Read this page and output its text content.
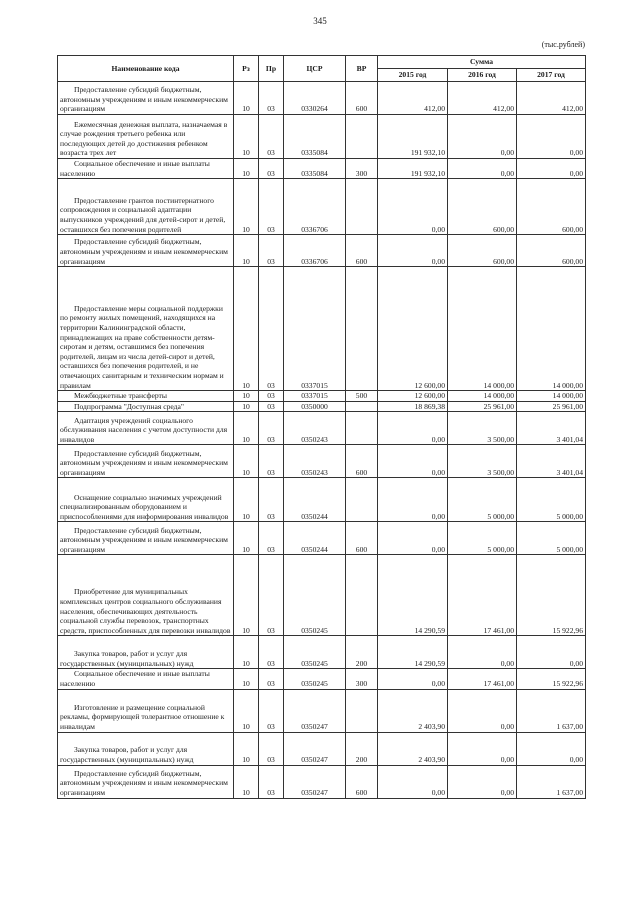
345
(тыс.рублей)
Наименование кода	Рз	Пр	ЦСР	ВР	Сумма		
					2015 год	2016 год	2017 год
Предоставление субсидий бюджетным, автономным учреждениям и иным некоммерческим организациям	10	03	0330264	600	412,00	412,00	412,00
Ежемесячная денежная выплата, назначаемая в случае рождения третьего ребенка или последующих детей до достижения ребенком возраста трех лет	10	03	0335084		191 932,10	0,00	0,00
Социальное обеспечение и иные выплаты населению	10	03	0335084	300	191 932,10	0,00	0,00
Предоставление грантов постинтернатного сопровождения и социальной адаптации выпускников учреждений для детей-сирот и детей, оставшихся без попечения родителей	10	03	0336706		0,00	600,00	600,00
Предоставление субсидий бюджетным, автономным учреждениям и иным некоммерческим организациям	10	03	0336706	600	0,00	600,00	600,00
Предоставление меры социальной поддержки по ремонту жилых помещений, находящихся на территории Калининградской области, принадлежащих на праве собственности детям-сиротам и детям, оставшимся без попечения родителей, лицам из числа детей-сирот и детей, оставшихся без попечения родителей, и не отвечающих санитарным и техническим нормам и правилам	10	03	0337015		12 600,00	14 000,00	14 000,00
Межбюджетные трансферты	10	03	0337015	500	12 600,00	14 000,00	14 000,00
Подпрограмма "Доступная среда"	10	03	0350000		18 869,38	25 961,00	25 961,00
Адаптация учреждений социального обслуживания населения с учетом доступности для инвалидов	10	03	0350243		0,00	3 500,00	3 401,04
Предоставление субсидий бюджетным, автономным учреждениям и иным некоммерческим организациям	10	03	0350243	600	0,00	3 500,00	3 401,04
Оснащение социально значимых учреждений специализированным оборудованием и приспособлениями для информирования инвалидов	10	03	0350244		0,00	5 000,00	5 000,00
Предоставление субсидий бюджетным, автономным учреждениям и иным некоммерческим организациям	10	03	0350244	600	0,00	5 000,00	5 000,00
Приобретение для муниципальных комплексных центров социального обслуживания населения, обеспечивающих деятельность социальной службы перевозок, транспортных средств, приспособленных для перевозки инвалидов	10	03	0350245		14 290,59	17 461,00	15 922,96
Закупка товаров, работ и услуг для государственных (муниципальных) нужд	10	03	0350245	200	14 290,59	0,00	0,00
Социальное обеспечение и иные выплаты населению	10	03	0350245	300	0,00	17 461,00	15 922,96
Изготовление и размещение социальной рекламы, формирующей толерантное отношение к инвалидам	10	03	0350247		2 403,90	0,00	1 637,00
Закупка товаров, работ и услуг для государственных (муниципальных) нужд	10	03	0350247	200	2 403,90	0,00	0,00
Предоставление субсидий бюджетным, автономным учреждениям и иным некоммерческим организациям	10	03	0350247	600	0,00	0,00	1 637,00
